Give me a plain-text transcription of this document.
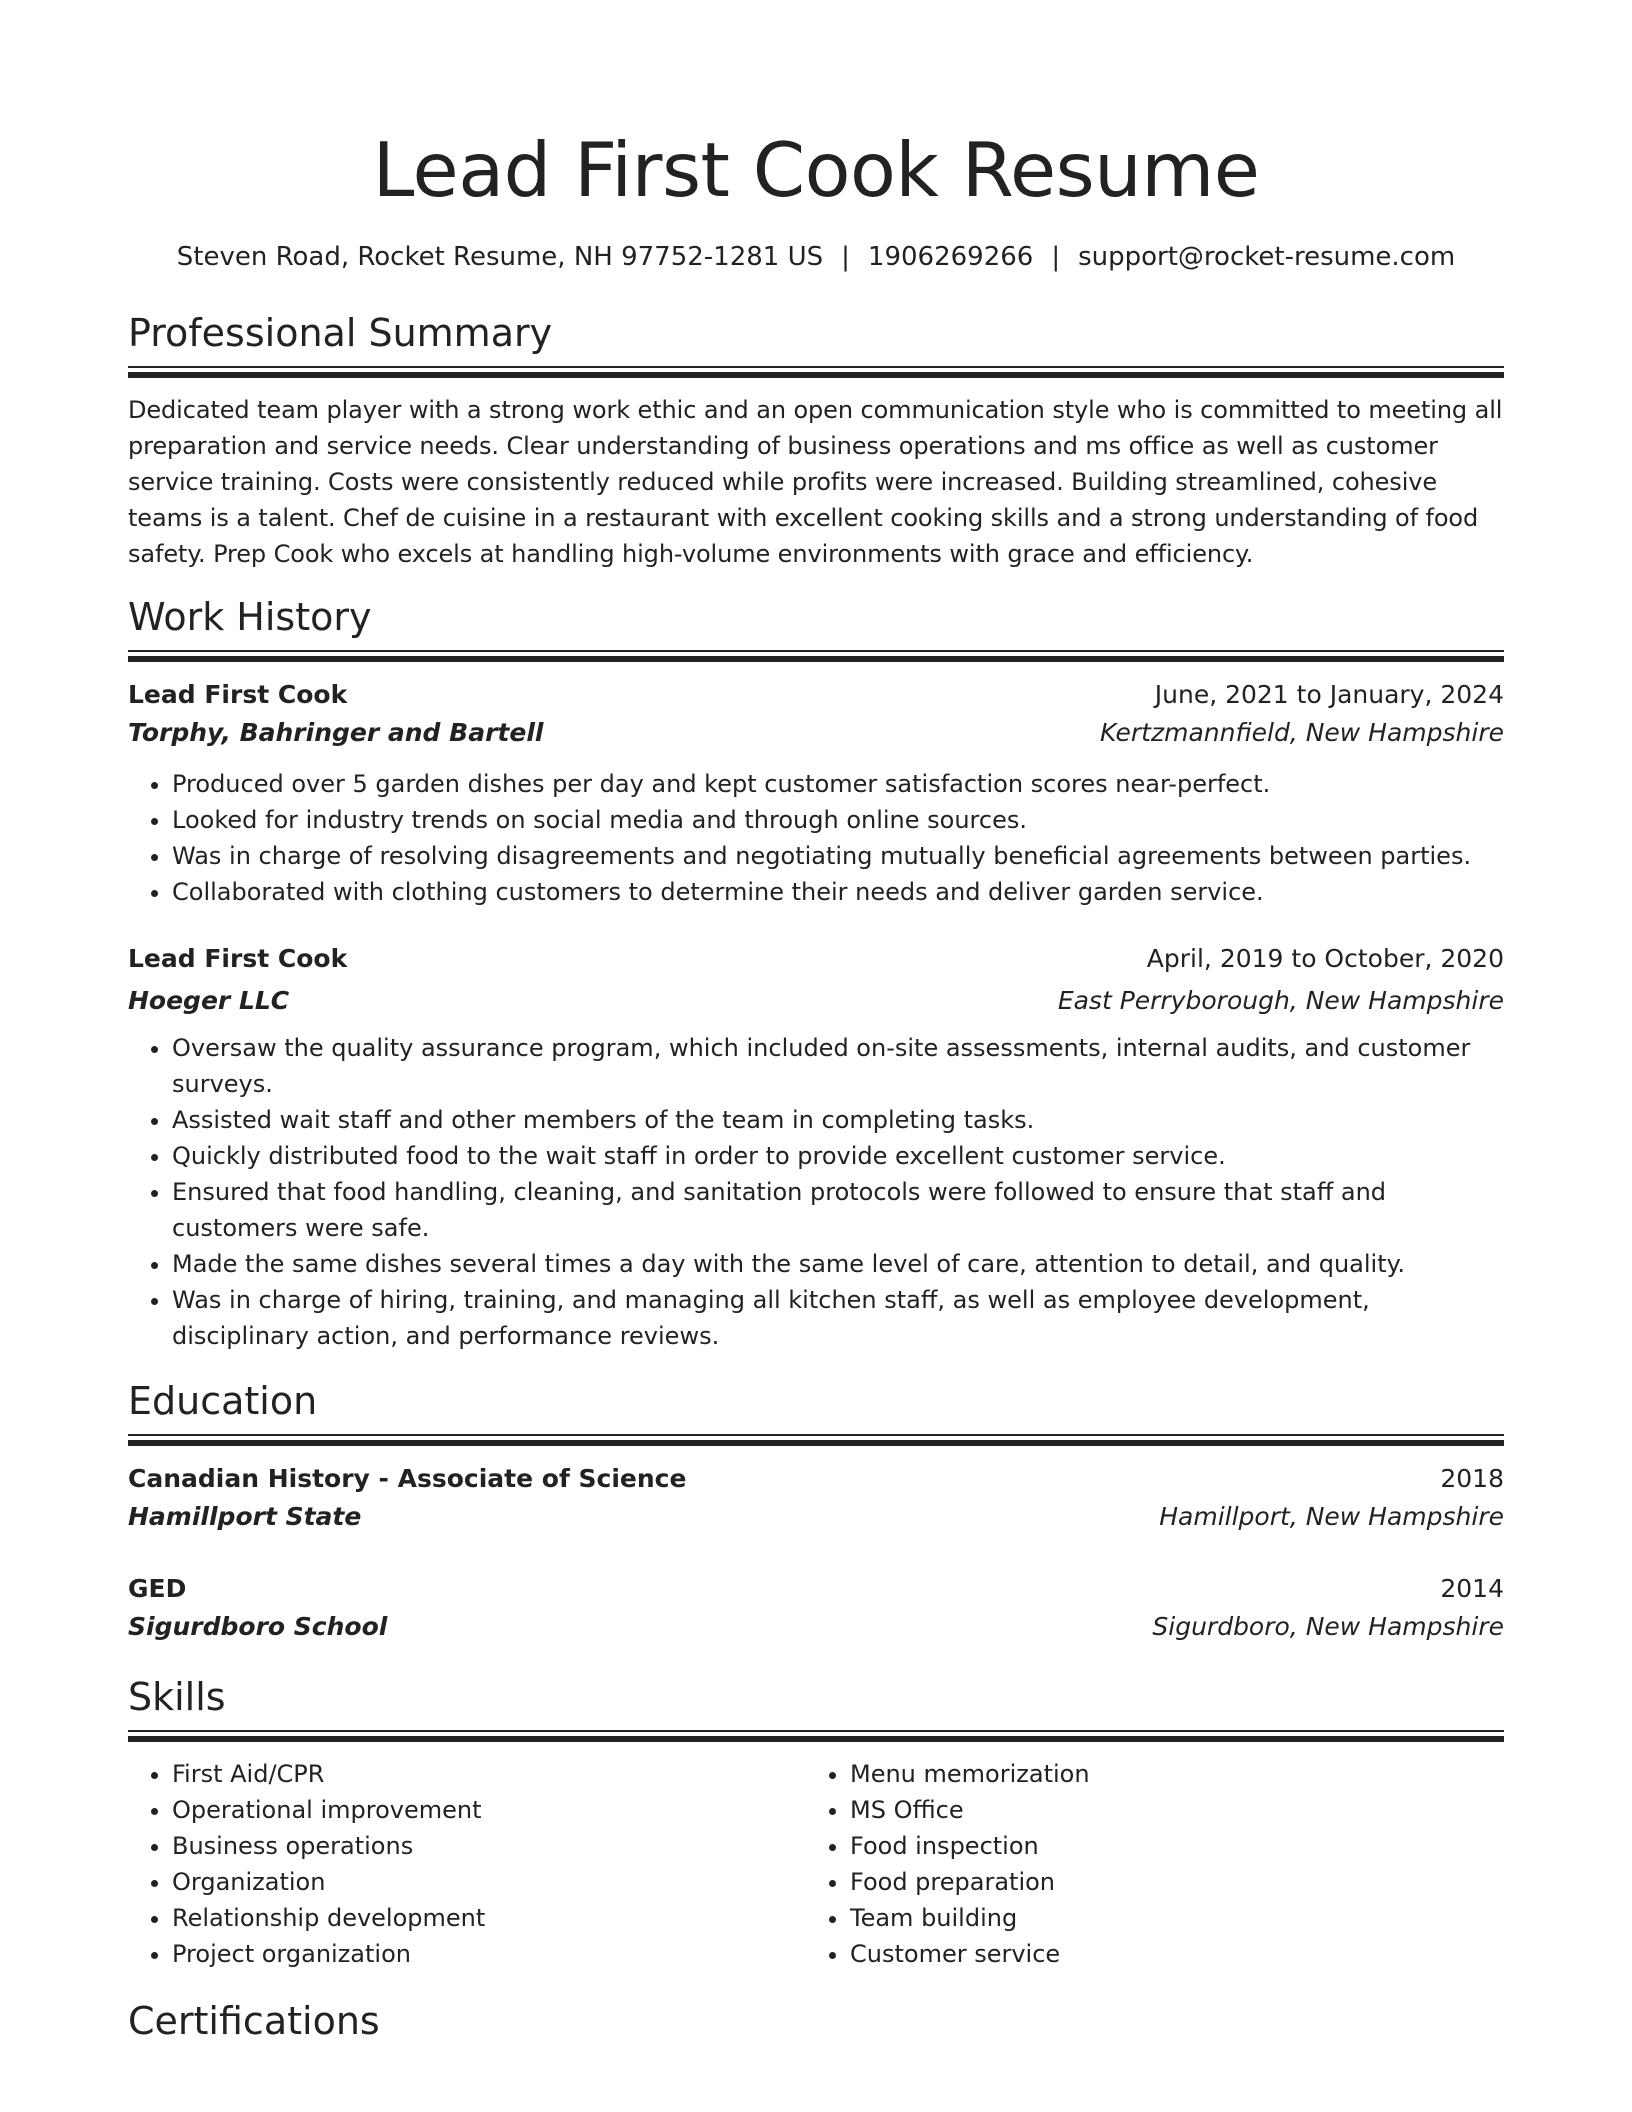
Lead First Cook Resume
Steven Road, Rocket Resume, NH 97752-1281 US | 1906269266 | support@rocket-resume.com
Professional Summary
Dedicated team player with a strong work ethic and an open communication style who is committed to meeting all preparation and service needs. Clear understanding of business operations and ms office as well as customer service training. Costs were consistently reduced while profits were increased. Building streamlined, cohesive teams is a talent. Chef de cuisine in a restaurant with excellent cooking skills and a strong understanding of food safety. Prep Cook who excels at handling high-volume environments with grace and efficiency.
Work History
Lead First Cook	June, 2021 to January, 2024
Torphy, Bahringer and Bartell	Kertzmannfield, New Hampshire
• Produced over 5 garden dishes per day and kept customer satisfaction scores near-perfect.
• Looked for industry trends on social media and through online sources.
• Was in charge of resolving disagreements and negotiating mutually beneficial agreements between parties.
• Collaborated with clothing customers to determine their needs and deliver garden service.
Lead First Cook	April, 2019 to October, 2020
Hoeger LLC	East Perryborough, New Hampshire
• Oversaw the quality assurance program, which included on-site assessments, internal audits, and customer surveys.
• Assisted wait staff and other members of the team in completing tasks.
• Quickly distributed food to the wait staff in order to provide excellent customer service.
• Ensured that food handling, cleaning, and sanitation protocols were followed to ensure that staff and customers were safe.
• Made the same dishes several times a day with the same level of care, attention to detail, and quality.
• Was in charge of hiring, training, and managing all kitchen staff, as well as employee development, disciplinary action, and performance reviews.
Education
Canadian History - Associate of Science	2018
Hamillport State	Hamillport, New Hampshire
GED	2014
Sigurdboro School	Sigurdboro, New Hampshire
Skills
• First Aid/CPR
• Operational improvement
• Business operations
• Organization
• Relationship development
• Project organization
• Menu memorization
• MS Office
• Food inspection
• Food preparation
• Team building
• Customer service
Certifications
